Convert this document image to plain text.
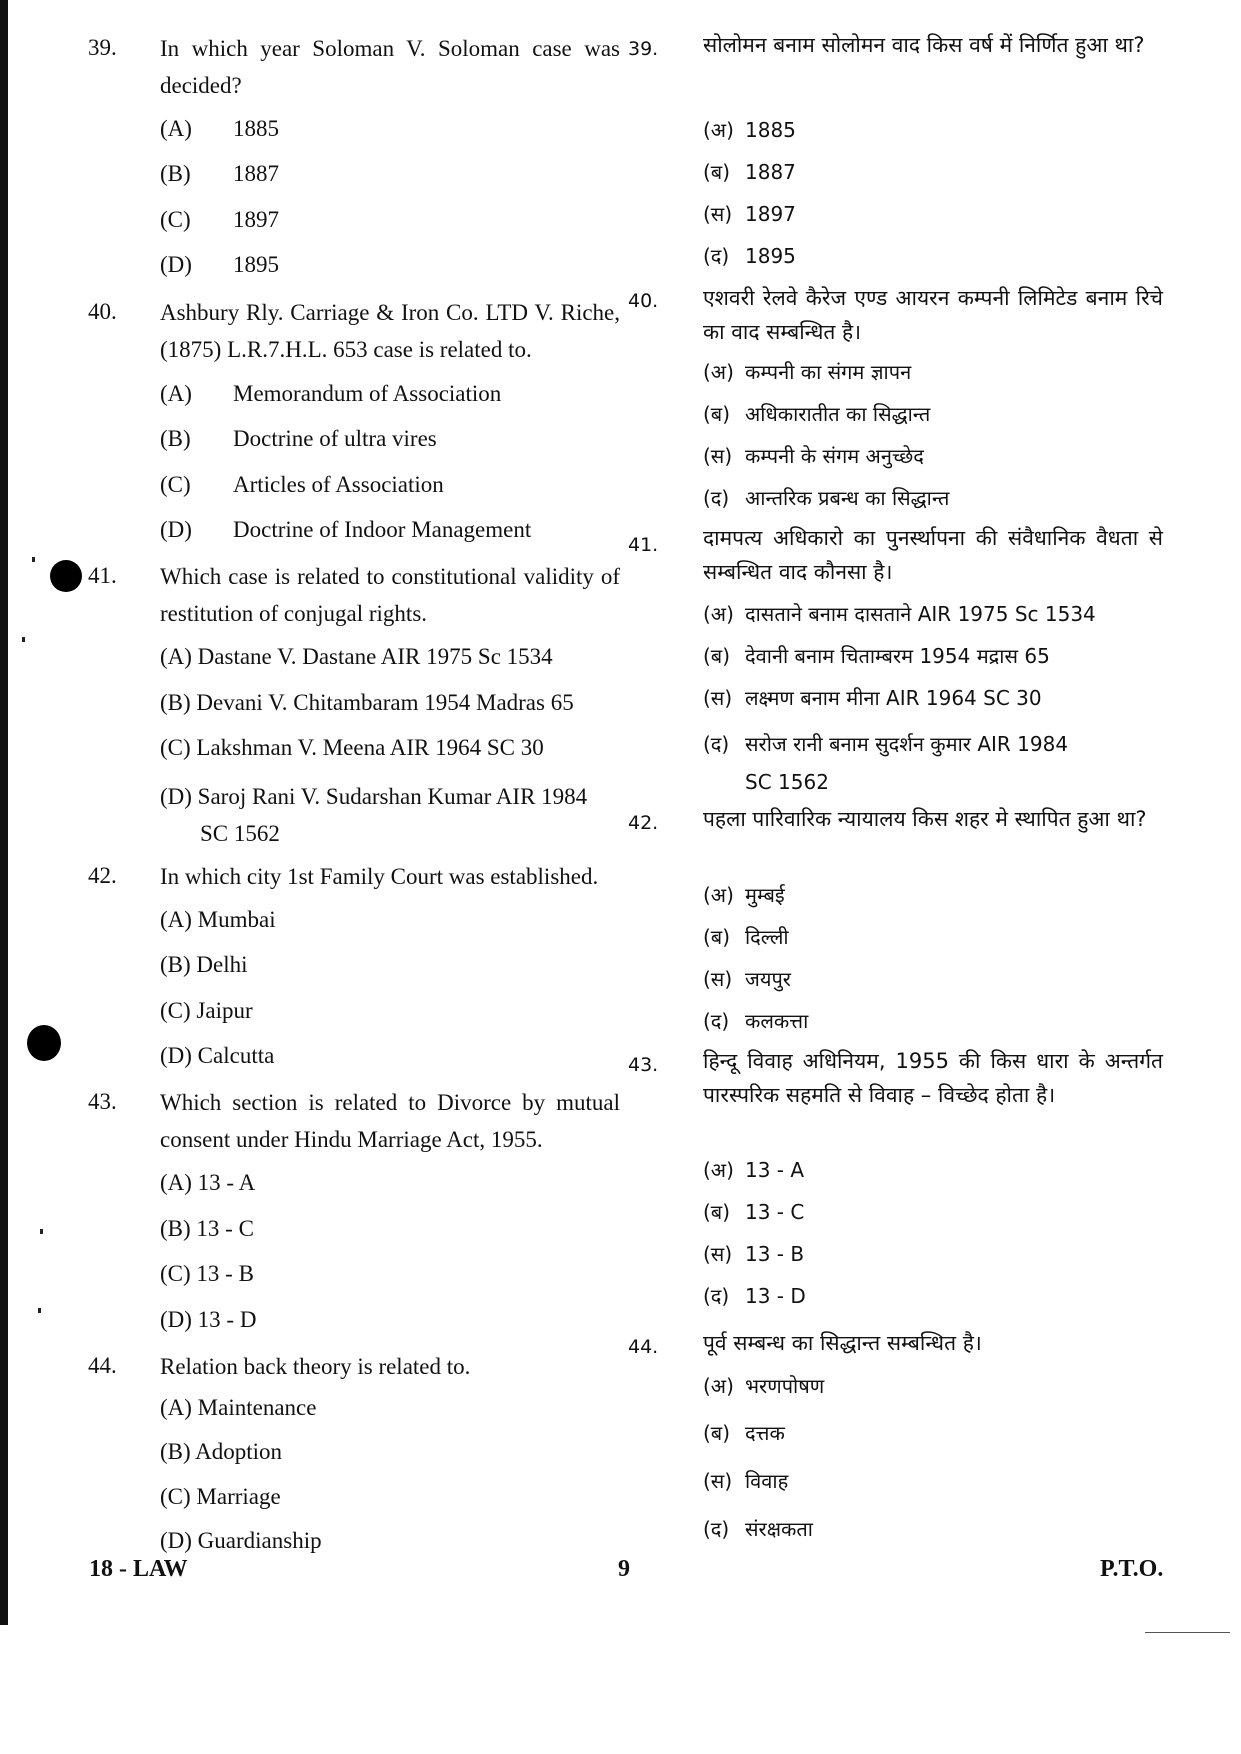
39. In which year Soloman V. Soloman case was decided?
(A) 1885
(B) 1887
(C) 1897
(D) 1895
40. Ashbury Rly. Carriage & Iron Co. LTD V. Riche, (1875) L.R.7.H.L. 653 case is related to.
(A) Memorandum of Association
(B) Doctrine of ultra vires
(C) Articles of Association
(D) Doctrine of Indoor Management
41. Which case is related to constitutional validity of restitution of conjugal rights.
(A) Dastane V. Dastane AIR 1975 Sc 1534
(B) Devani V. Chitambaram 1954 Madras 65
(C) Lakshman V. Meena AIR 1964 SC 30
(D) Saroj Rani V. Sudarshan Kumar AIR 1984
SC 1562
42. In which city 1st Family Court was established.
(A) Mumbai
(B) Delhi
(C) Jaipur
(D) Calcutta
43. Which section is related to Divorce by mutual consent under Hindu Marriage Act, 1955.
(A) 13 - A
(B) 13 - C
(C) 13 - B
(D) 13 - D
44. Relation back theory is related to.
(A) Maintenance
(B) Adoption
(C) Marriage
(D) Guardianship
39. सोलोमन बनाम सोलोमन वाद किस वर्ष में निर्णित हुआ था?
(अ) 1885
(ब) 1887
(स) 1897
(द) 1895
40. एशवरी रेलवे कैरेज एण्ड आयरन कम्पनी लिमिटेड बनाम रिचे का वाद सम्बन्धित है।
(अ) कम्पनी का संगम ज्ञापन
(ब) अधिकारातीत का सिद्धान्त
(स) कम्पनी के संगम अनुच्छेद
(द) आन्तरिक प्रबन्ध का सिद्धान्त
41. दामपत्य अधिकारो का पुनर्स्थापना की संवैधानिक वैधता से सम्बन्धित वाद कौनसा है।
(अ) दासताने बनाम दासताने AIR 1975 Sc 1534
(ब) देवानी बनाम चिताम्बरम 1954 मद्रास 65
(स) लक्ष्मण बनाम मीना AIR 1964 SC 30
(द) सरोज रानी बनाम सुदर्शन कुमार AIR 1984
SC 1562
42. पहला पारिवारिक न्यायालय किस शहर मे स्थापित हुआ था?
(अ) मुम्बई
(ब) दिल्ली
(स) जयपुर
(द) कलकत्ता
43. हिन्दू विवाह अधिनियम, 1955 की किस धारा के अन्तर्गत पारस्परिक सहमति से विवाह – विच्छेद होता है।
(अ) 13 - A
(ब) 13 - C
(स) 13 - B
(द) 13 - D
44. पूर्व सम्बन्ध का सिद्धान्त सम्बन्धित है।
(अ) भरणपोषण
(ब) दत्तक
(स) विवाह
(द) संरक्षकता
18 - LAW	9	P.T.O.
